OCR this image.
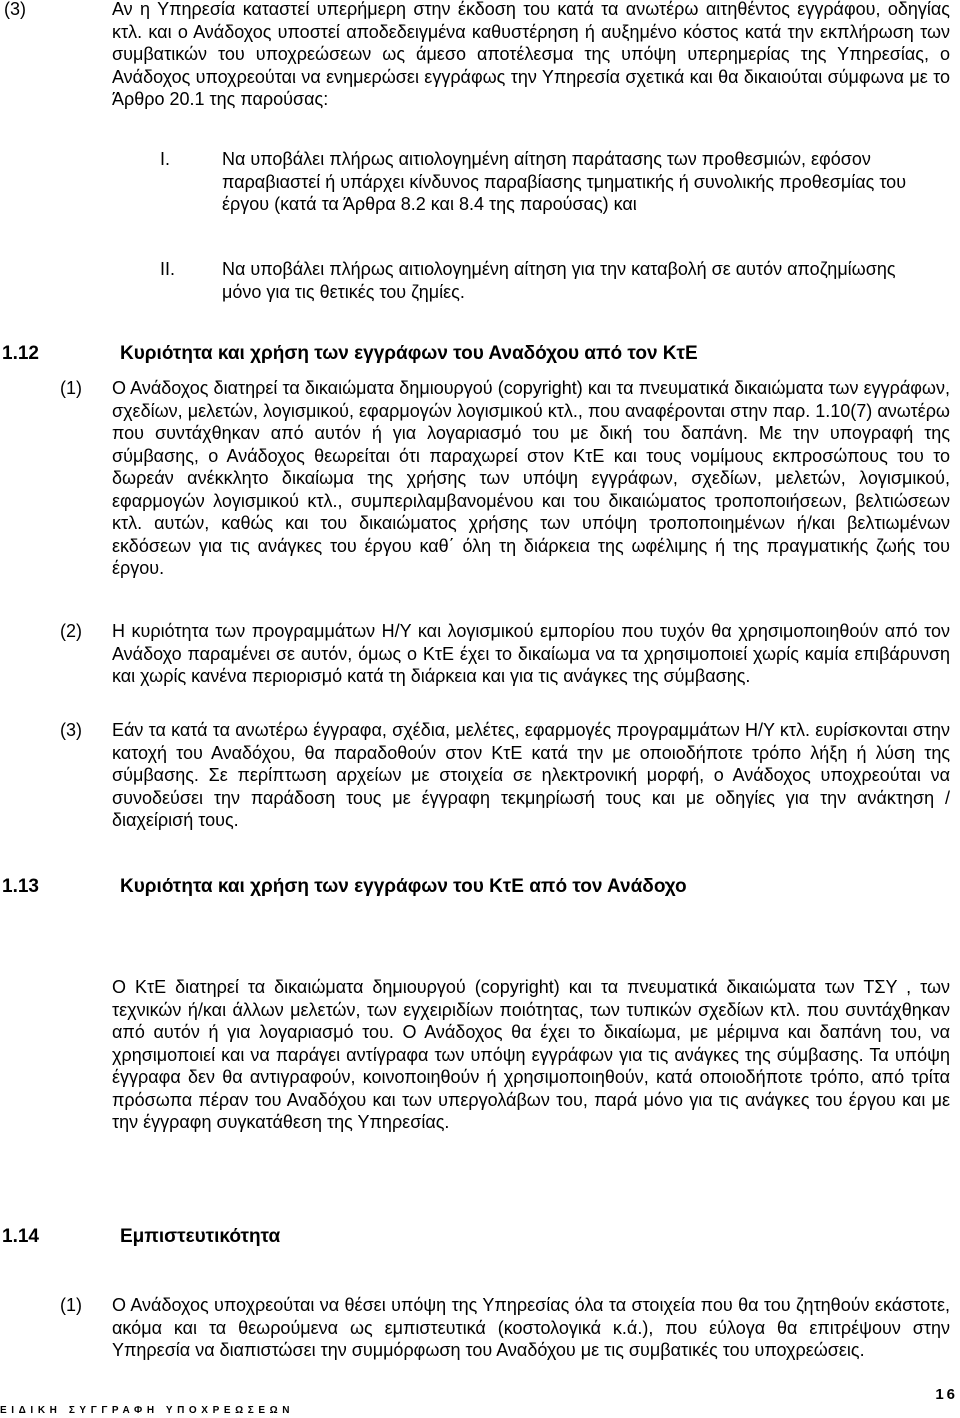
(3)	Αν η Υπηρεσία καταστεί υπερήμερη στην έκδοση του κατά τα ανωτέρω αιτηθέντος εγγράφου, οδηγίας κτλ. και ο Ανάδοχος υποστεί αποδεδειγμένα καθυστέρηση ή αυξημένο κόστος κατά την εκπλήρωση των συμβατικών του υποχρεώσεων ως άμεσο αποτέλεσμα της υπόψη υπερημερίας της Υπηρεσίας, ο Ανάδοχος υποχρεούται να ενημερώσει εγγράφως την Υπηρεσία σχετικά και θα δικαιούται σύμφωνα με το Άρθρο 20.1 της παρούσας:
I.	Να υποβάλει πλήρως αιτιολογημένη αίτηση παράτασης των προθεσμιών, εφόσον παραβιαστεί ή υπάρχει κίνδυνος παραβίασης τμηματικής ή συνολικής προθεσμίας του έργου (κατά τα Άρθρα 8.2 και 8.4 της παρούσας) και
II.	Να υποβάλει πλήρως αιτιολογημένη αίτηση για την καταβολή σε αυτόν αποζημίωσης μόνο για τις θετικές του ζημίες.
1.12	Κυριότητα και χρήση των εγγράφων του Αναδόχου από τον ΚτΕ
(1)	Ο Ανάδοχος διατηρεί τα δικαιώματα δημιουργού (copyright) και τα πνευματικά δικαιώματα των εγγράφων, σχεδίων, μελετών, λογισμικού, εφαρμογών λογισμικού κτλ., που αναφέρονται στην παρ. 1.10(7) ανωτέρω που συντάχθηκαν από αυτόν ή για λογαριασμό του με δική του δαπάνη. Με την υπογραφή της σύμβασης, ο Ανάδοχος θεωρείται ότι παραχωρεί στον ΚτΕ και τους νομίμους εκπροσώπους του το δωρεάν ανέκκλητο δικαίωμα της χρήσης των υπόψη εγγράφων, σχεδίων, μελετών, λογισμικού, εφαρμογών λογισμικού κτλ., συμπεριλαμβανομένου και του δικαιώματος τροποποιήσεων, βελτιώσεων κτλ. αυτών, καθώς και του δικαιώματος χρήσης των υπόψη τροποποιημένων ή/και βελτιωμένων εκδόσεων για τις ανάγκες του έργου καθ΄ όλη τη διάρκεια της ωφέλιμης ή της πραγματικής ζωής του έργου.
(2)	Η κυριότητα των προγραμμάτων Η/Υ και λογισμικού εμπορίου που τυχόν θα χρησιμοποιηθούν από τον Ανάδοχο παραμένει σε αυτόν, όμως ο ΚτΕ έχει το δικαίωμα να τα χρησιμοποιεί χωρίς καμία επιβάρυνση και χωρίς κανένα περιορισμό κατά τη διάρκεια και για τις ανάγκες της σύμβασης.
(3)	Εάν τα κατά τα ανωτέρω έγγραφα, σχέδια, μελέτες, εφαρμογές προγραμμάτων Η/Υ κτλ. ευρίσκονται στην κατοχή του Αναδόχου, θα παραδοθούν στον ΚτΕ κατά την με οποιοδήποτε τρόπο λήξη ή λύση της σύμβασης. Σε περίπτωση αρχείων με στοιχεία σε ηλεκτρονική μορφή, ο Ανάδοχος υποχρεούται να συνοδεύσει την παράδοση τους με έγγραφη τεκμηρίωσή τους και με οδηγίες για την ανάκτηση / διαχείρισή τους.
1.13	Κυριότητα και χρήση των εγγράφων του ΚτΕ από τον Ανάδοχο
Ο ΚτΕ διατηρεί τα δικαιώματα δημιουργού (copyright) και τα πνευματικά δικαιώματα των ΤΣΥ , των τεχνικών ή/και άλλων μελετών, των εγχειριδίων ποιότητας, των τυπικών σχεδίων κτλ. που συντάχθηκαν από αυτόν ή για λογαριασμό του. Ο Ανάδοχος θα έχει το δικαίωμα, με μέριμνα και δαπάνη του, να χρησιμοποιεί και να παράγει αντίγραφα των υπόψη εγγράφων για τις ανάγκες της σύμβασης. Τα υπόψη έγγραφα δεν θα αντιγραφούν, κοινοποιηθούν ή χρησιμοποιηθούν, κατά οποιοδήποτε τρόπο, από τρίτα πρόσωπα πέραν του Αναδόχου και των υπεργολάβων του, παρά μόνο για τις ανάγκες του έργου και με την έγγραφη συγκατάθεση της Υπηρεσίας.
1.14	Εμπιστευτικότητα
(1)	Ο Ανάδοχος υποχρεούται να θέσει υπόψη της Υπηρεσίας όλα τα στοιχεία που θα του ζητηθούν εκάστοτε, ακόμα και τα θεωρούμενα ως εμπιστευτικά (κοστολογικά κ.ά.), που εύλογα θα επιτρέψουν στην Υπηρεσία να διαπιστώσει την συμμόρφωση του Αναδόχου με τις συμβατικές του υποχρεώσεις.
16
ΕΙΔΙΚΗ ΣΥΓΓΡΑΦΗ ΥΠΟΧΡΕΩΣΕΩΝ
